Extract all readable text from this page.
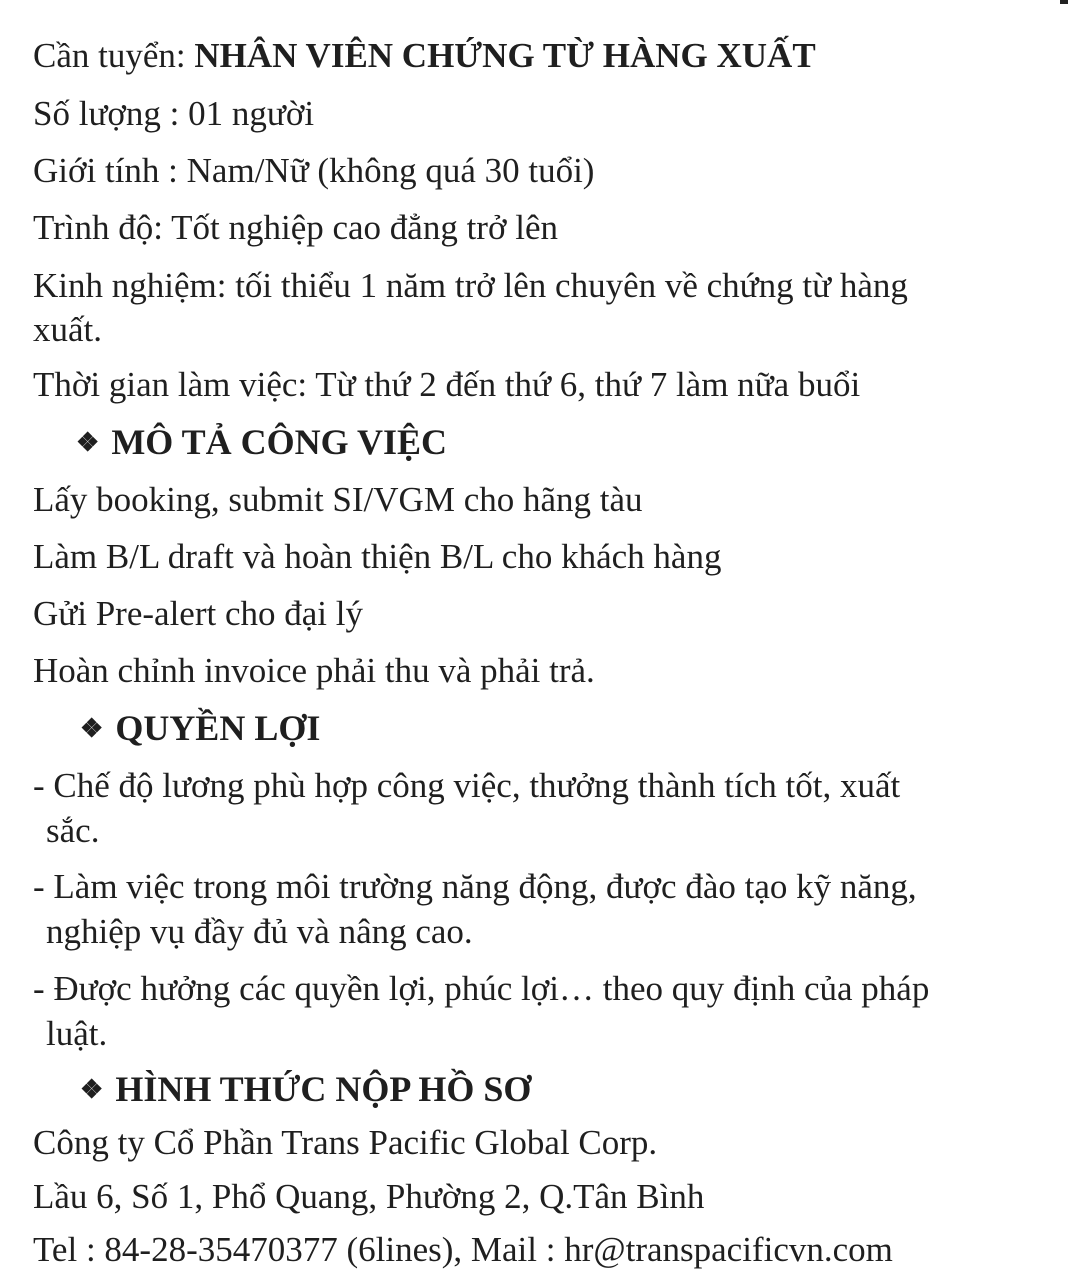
Cần tuyển: NHÂN VIÊN CHỨNG TỪ HÀNG XUẤT
Số lượng : 01 người
Giới tính : Nam/Nữ (không quá 30 tuổi)
Trình độ: Tốt nghiệp cao đẳng trở lên
Kinh nghiệm: tối thiểu 1 năm trở lên chuyên về chứng từ hàng
xuất.
Thời gian làm việc: Từ thứ 2 đến thứ 6, thứ 7 làm nữa buổi
❖ MÔ TẢ CÔNG VIỆC
Lấy booking, submit SI/VGM cho hãng tàu
Làm B/L draft và hoàn thiện B/L cho khách hàng
Gửi Pre-alert cho đại lý
Hoàn chỉnh invoice phải thu và phải trả.
❖ QUYỀN LỢI
- Chế độ lương phù hợp công việc, thưởng thành tích tốt, xuất
sắc.
- Làm việc trong môi trường năng động, được đào tạo kỹ năng,
nghiệp vụ đầy đủ và nâng cao.
- Được hưởng các quyền lợi, phúc lợi… theo quy định của pháp
luật.
❖ HÌNH THỨC NỘP HỒ SƠ
Công ty Cổ Phần Trans Pacific Global Corp.
Lầu 6, Số 1, Phổ Quang, Phường 2, Q.Tân Bình
Tel : 84-28-35470377 (6lines), Mail : hr@transpacificvn.com
